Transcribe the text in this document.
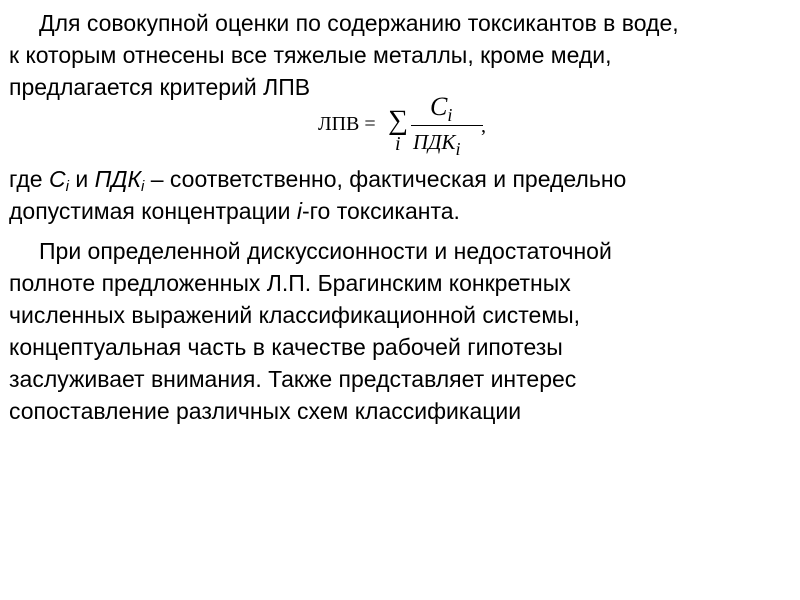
Для совокупной оценки по содержанию токсикантов в воде,
к которым отнесены все тяжелые металлы, кроме меди,
предлагается критерий ЛПВ
ЛПВ = ∑
i
$C_i$
$ПДК_i$
,
где Ci и ПДКi – соответственно, фактическая и предельно
допустимая концентрации i-го токсиканта.
При определенной дискуссионности и недостаточной
полноте предложенных Л.П. Брагинским конкретных
численных выражений классификационной системы,
концептуальная часть в качестве рабочей гипотезы
заслуживает внимания. Также представляет интерес
сопоставление различных схем классификации
